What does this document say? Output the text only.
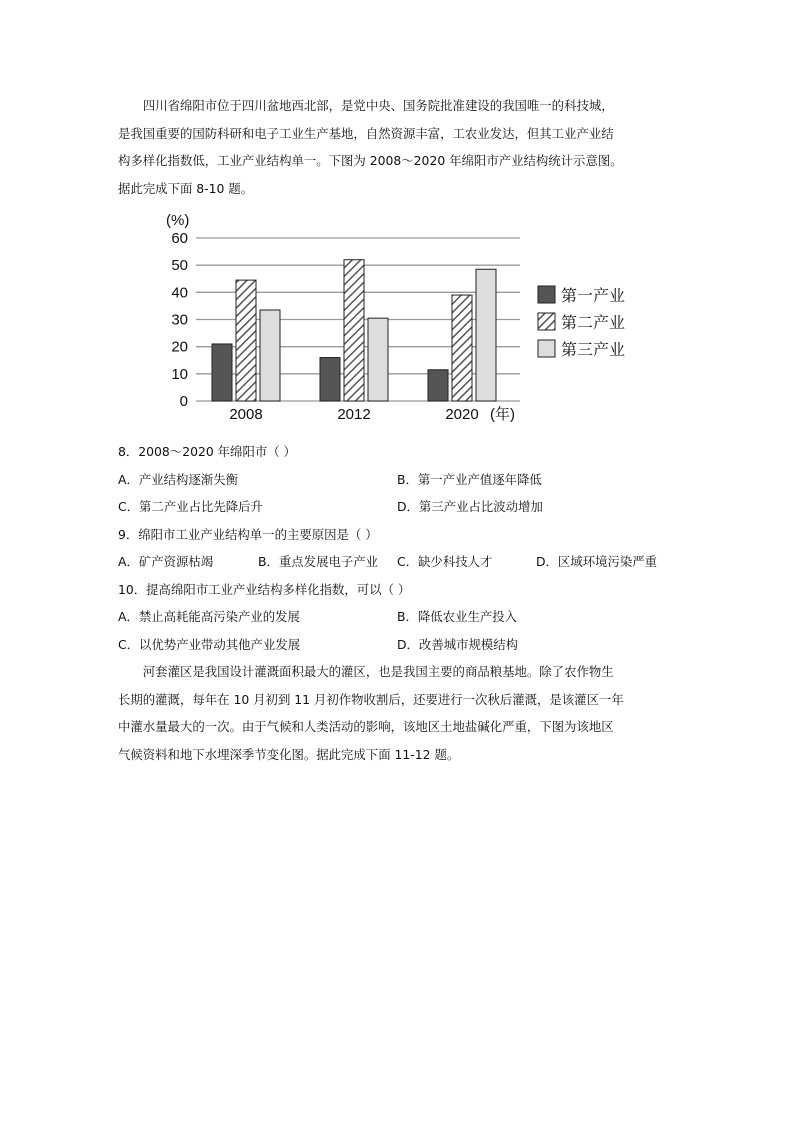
四川省绵阳市位于四川盆地西北部，是党中央、国务院批准建设的我国唯一的科技城，

是我国重要的国防科研和电子工业生产基地，自然资源丰富，工农业发达，但其工业产业结

构多样化指数低，工业产业结构单一。下图为 2008～2020 年绵阳市产业结构统计示意图。

据此完成下面 8-10 题。

(%)
0
10
20
30
40
50
60
2008	2012	2020 (年)
第一产业
第二产业
第三产业
8．2008～2020 年绵阳市（ ）
A．产业结构逐渐失衡	B．第一产业产值逐年降低
C．第二产业占比先降后升	D．第三产业占比波动增加
9．绵阳市工业产业结构单一的主要原因是（ ）
A．矿产资源枯竭	B．重点发展电子产业 C．缺少科技人才	D．区域环境污染严重
10．提高绵阳市工业产业结构多样化指数，可以（ ）
A．禁止高耗能高污染产业的发展	B．降低农业生产投入
C．以优势产业带动其他产业发展	D．改善城市规模结构

河套灌区是我国设计灌溉面积最大的灌区，也是我国主要的商品粮基地。除了农作物生

长期的灌溉，每年在 10 月初到 11 月初作物收割后，还要进行一次秋后灌溉，是该灌区一年

中灌水量最大的一次。由于气候和人类活动的影响，该地区土地盐碱化严重，下图为该地区

气候资料和地下水埋深季节变化图。据此完成下面 11-12 题。
